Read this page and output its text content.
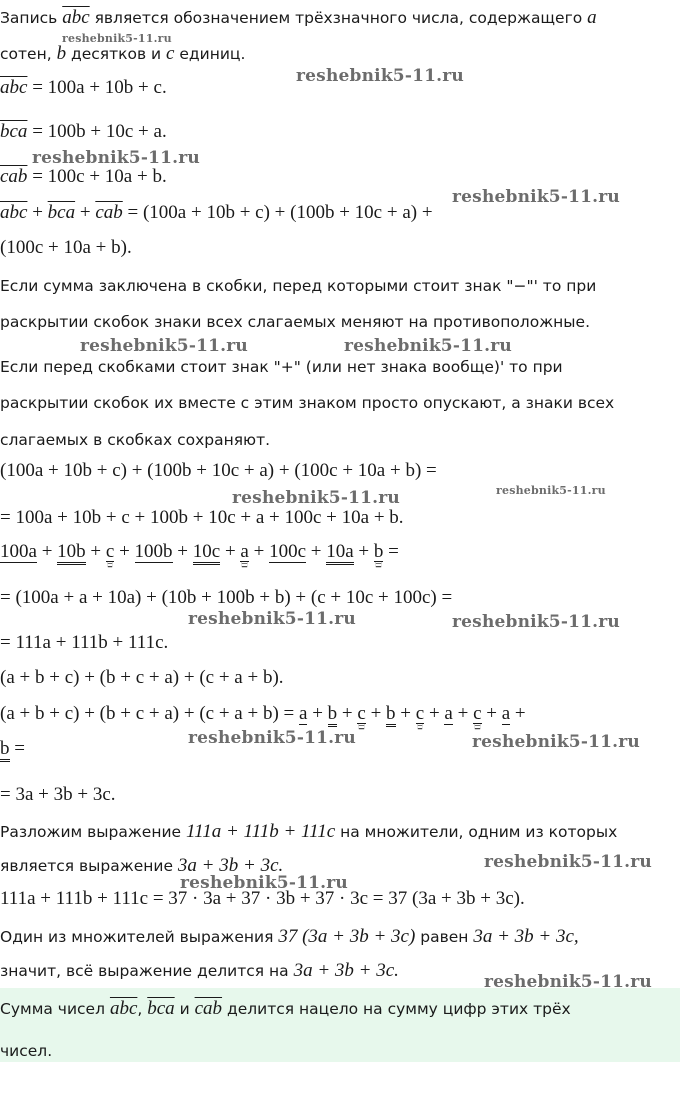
Запись $\overline{abc}$ является обозначением трёхзначного числа, содержащего a
сотен, b десятков и c единиц.
$\overline{abc} = 100a + 10b + c$.
$\overline{bca} = 100b + 10c + a$.
$\overline{cab} = 100c + 10a + b$.
$\overline{abc} + \overline{bca} + \overline{cab} = (100a + 10b + c) + (100b + 10c + a)$ +
(100c + 10a + b).
Если сумма заключена в скобки, перед которыми стоит знак "−"' то при
раскрытии скобок знаки всех слагаемых меняют на противоположные.
Если перед скобками стоит знак "+" (или нет знака вообще)' то при
раскрытии скобок их вместе с этим знаком просто опускают, а знаки всех
слагаемых в скобках сохраняют.
(100a + 10b + c) + (100b + 10c + a) + (100c + 10a + b) =
= 100a + 10b + c + 100b + 10c + a + 100c + 10a + b.
100a + 10b + c + 100b + 10c + a + 100c + 10a + b =
= (100a + a + 10a) + (10b + 100b + b) + (c + 10c + 100c) =
= 111a + 111b + 111c.
(a + b + c) + (b + c + a) + (c + a + b).
(a + b + c) + (b + c + a) + (c + a + b) = a + b + c + b + c + a + c + a +
b =
= 3a + 3b + 3c.
Разложим выражение 111a + 111b + 111c на множители, одним из которых
является выражение 3a + 3b + 3c.
111a + 111b + 111c = 37 · 3a + 37 · 3b + 37 · 3c = 37 (3a + 3b + 3c).
Один из множителей выражения 37 (3a + 3b + 3c) равен 3a + 3b + 3c,
значит, всё выражение делится на 3a + 3b + 3c.
Сумма чисел $\overline{abc}$, $\overline{bca}$ и $\overline{cab}$ делится нацело на сумму цифр этих трёх
чисел.
reshebnik5-11.ru
reshebnik5-11.ru
reshebnik5-11.ru
reshebnik5-11.ru
reshebnik5-11.ru	reshebnik5-11.ru
reshebnik5-11.ru	reshebnik5-11.ru
reshebnik5-11.ru	reshebnik5-11.ru
reshebnik5-11.ru	reshebnik5-11.ru
reshebnik5-11.ru
reshebnik5-11.ru
reshebnik5-11.ru
